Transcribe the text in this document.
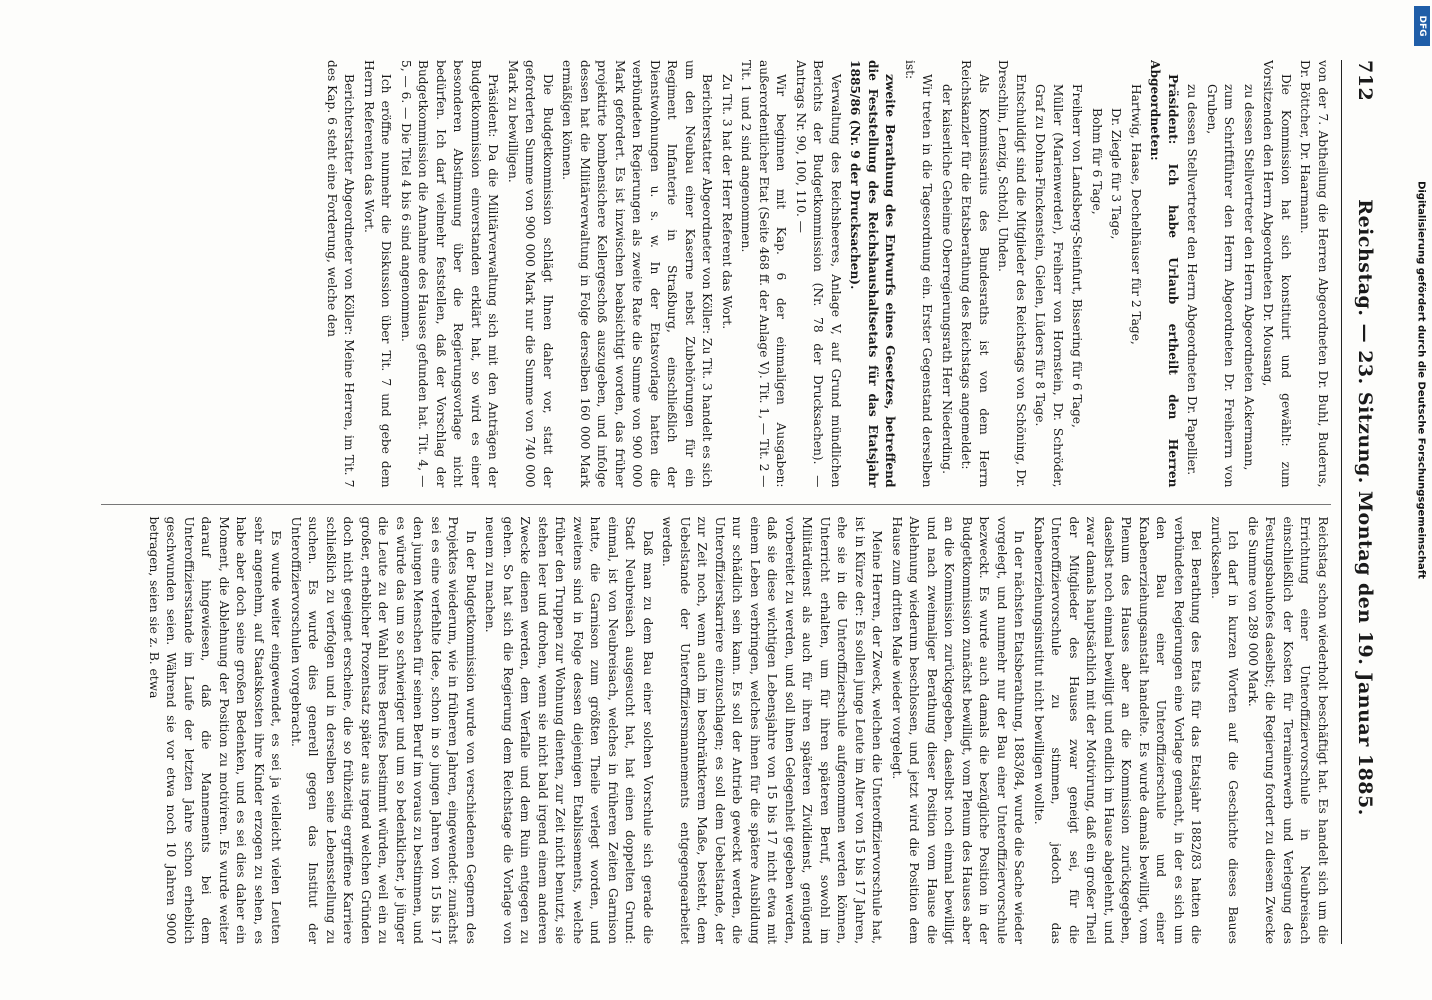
712
Reichstag. — 23. Sitzung. Montag den 19. Januar 1885.

von der 7. Abtheilung die Herren Abgeordneten Dr. Buhl, Buderus, Dr. Böttcher, Dr. Haarmann.

Die Kommission hat sich konstituirt und gewählt: zum Vorsitzenden den Herrn Abgeordneten Dr. Mousang,

zu dessen Stellvertreter den Herrn Abgeordneten Ackermann,

zum Schriftführer den Herrn Abgeordneten Dr. Freiherrn von Gruben,

zu dessen Stellvertreter den Herrn Abgeordneten Dr. Papellier.

Präsident: Ich habe Urlaub ertheilt den Herren Abgeordneten:

Hartwig, Haase, Dechelhäuser für 2 Tage,

Dr. Ziegle für 3 Tage,

Bohm für 6 Tage,

Freiherr von Landsberg-Steinfurt, Bissering für 6 Tage,

Müller (Marienwerder), Freiherr von Hornstein, Dr. Schröder, Graf zu Dohna-Finckenstein, Gielen, Lüders für 8 Tage.

Entschuldigt sind die Mitglieder des Reichstags von Schöning, Dr. Dreschlin, Lenzig, Schtoll, Uhden.

Als Kommissarius des Bundesraths ist von dem Herrn Reichskanzler für die Etatsberathung des Reichstags angemeldet:

der kaiserliche Geheime Oberregierungsrath Herr Niederding.

Wir treten in die Tagesordnung ein. Erster Gegenstand derselben ist:

zweite Berathung des Entwurfs eines Gesetzes, betreffend die Feststellung des Reichshaushaltsetats für das Etatsjahr 1885/86 (Nr. 9 der Drucksachen).

Verwaltung des Reichsheeres, Anlage V, auf Grund mündlichen Berichts der Budgetkommission (Nr. 78 der Drucksachen). — Antrags Nr. 90, 100, 110. —

Wir beginnen mit Kap. 6 der einmaligen Ausgaben: außerordentlicher Etat (Seite 468 ff. der Anlage V). Tit. 1, — Tit. 2 — Tit. 1 und 2 sind angenommen.

Zu Tit. 3 hat der Herr Referent das Wort.

Berichterstatter Abgeordneter von Köller: Zu Tit. 3 handelt es sich um den Neubau einer Kaserne nebst Zubehörungen für ein Regiment Infanterie in Straßburg, einschließlich der Dienstwohnungen u. s. w. In der Etatsvorlage hatten die verbündeten Regierungen als zweite Rate die Summe von 900 000 Mark gefordert. Es ist inzwischen beabsichtigt worden, das früher projektirte bombensichere Kellergeschoß auszugeben, und infolge dessen hat die Militärverwaltung in Folge derselben 160 000 Mark ermäßigen können.

Die Budgetkommission schlägt Ihnen daher vor, statt der geforderten Summe von 900 000 Mark nur die Summe von 740 000 Mark zu bewilligen.

Präsident: Da die Militärverwaltung sich mit den Anträgen der Budgetkommission einverstanden erklärt hat, so wird es einer besonderen Abstimmung über die Regierungsvorlage nicht bedürfen. Ich darf vielmehr feststellen, daß der Vorschlag der Budgetkommission die Annahme des Hauses gefunden hat. Tit. 4, — 5, — 6. — Die Titel 4 bis 6 sind angenommen.

Ich eröffne nunmehr die Diskussion über Tit. 7 und gebe dem Herrn Referenten das Wort.

Berichterstatter Abgeordneter von Köller: Meine Herren, im Tit. 7 des Kap. 6 steht eine Forderung, welche den

Reichstag schon wiederholt beschäftigt hat. Es handelt sich um die Errichtung einer Unteroffiziervorschule in Neubreisach einschließlich der Kosten für Terrainerwerb und Verlegung des Festungsbauhofes daselbst; die Regierung fordert zu diesem Zwecke die Summe von 289 000 Mark.

Ich darf in kurzen Worten auf die Geschichte dieses Baues zurücksehen.

Bei Berathung des Etats für das Etatsjahr 1882/83 hatten die verbündeten Regierungen eine Vorlage gemacht, in der es sich um den Bau einer Unteroffizierschule und einer Knabenerziehungsanstalt handelte. Es wurde damals bewilligt, vom Plenum des Hauses aber an die Kommission zurückgegeben, daselbst noch einmal bewilligt und endlich im Hause abgelehnt, und zwar damals hauptsächlich mit der Motivirung, daß ein großer Theil der Mitglieder des Hauses zwar geneigt sei, für die Unteroffiziervorschule zu stimmen, jedoch das Knabenerziehungsinstitut nicht bewilligen wollte.

In der nächsten Etatsberathung, 1883/84, wurde die Sache wieder vorgelegt, und nunmehr nur der Bau einer Unteroffiziervorschule bezweckt. Es wurde auch damals die bezügliche Position in der Budgetkommission zunächst bewilligt, vom Plenum des Hauses aber an die Kommission zurückgegeben, daselbst noch einmal bewilligt und nach zweimaliger Berathung dieser Position vom Hause die Ablehnung wiederum beschlossen, und jetzt wird die Position dem Hause zum dritten Male wieder vorgelegt.

Meine Herren, der Zweck, welchen die Unteroffiziervorschule hat, ist in Kürze der: Es sollen junge Leute im Alter von 15 bis 17 Jahren, ehe sie in die Unteroffizierschule aufgenommen werden können, Unterricht erhalten, um für ihren späteren Beruf, sowohl im Militärdienst als auch für ihren späteren Zivildienst, genügend vorbereitet zu werden, und soll ihnen Gelegenheit gegeben werden, daß sie diese wichtigen Lebensjahre von 15 bis 17 nicht etwa mit einem Leben verbringen, welches ihnen für die spätere Ausbildung nur schädlich sein kann. Es soll der Antrieb geweckt werden, die Unteroffizierskarriere einzuschlagen; es soll dem Uebelstande, der zur Zeit noch, wenn auch im beschränkterem Maße, besteht, dem Uebelstande der Unteroffiziersmannements entgegengearbeitet werden.

Daß man zu dem Bau einer solchen Vorschule sich gerade die Stadt Neubreisach ausgesucht hat, hat einen doppelten Grund: einmal, ist von Neubreisach, welches in früheren Zeiten Garnison hatte, die Garnison zum größten Theile verlegt worden, und zweitens sind in Folge dessen diejenigen Etablissements, welche früher den Truppen zur Wohnung dienten, zur Zeit nicht benutzt, sie stehen leer und drohen, wenn sie nicht bald irgend einem anderen Zwecke dienen werden, dem Verfalle und dem Ruin entgegen zu gehen. So hat sich die Regierung dem Reichstage die Vorlage von neuem zu machen.

In der Budgetkommission wurde von verschiedenen Gegnern des Projektes wiederum, wie in früheren Jahren, eingewendet: zunächst sei es eine verfehlte Idee, schon in so jungen Jahren von 15 bis 17 den jungen Menschen für seinen Beruf im voraus zu bestimmen, und es würde das um so schwieriger und um so bedenklicher, je jünger die Leute zu der Wahl ihres Berufes bestimmt würden, weil ein zu großer, erheblicher Prozentsatz später aus irgend welchen Gründen doch nicht geeignet erscheine, die so frühzeitig ergriffene Karriere schließlich zu verfolgen und in derselben seine Lebensstellung zu suchen. Es wurde dies generell gegen das Institut der Unteroffiziervorschulen vorgebracht.

Es wurde weiter eingewendet, es sei ja vielleicht vielen Leuten sehr angenehm, auf Staatskosten ihre Kinder erzogen zu sehen, es habe aber doch seine großen Bedenken, und es sei dies daher ein Moment, die Ablehnung der Position zu motiviren. Es wurde weiter darauf hingewiesen, daß die Mannements bei dem Unteroffiziersstande im Laufe der letzten Jahre schon erheblich geschwunden seien. Während sie vor etwa noch 10 Jahren 9000 betragen, seien sie z. B. etwa

DFG
Digitalisierung gefördert durch die Deutsche Forschungsgemeinschaft
